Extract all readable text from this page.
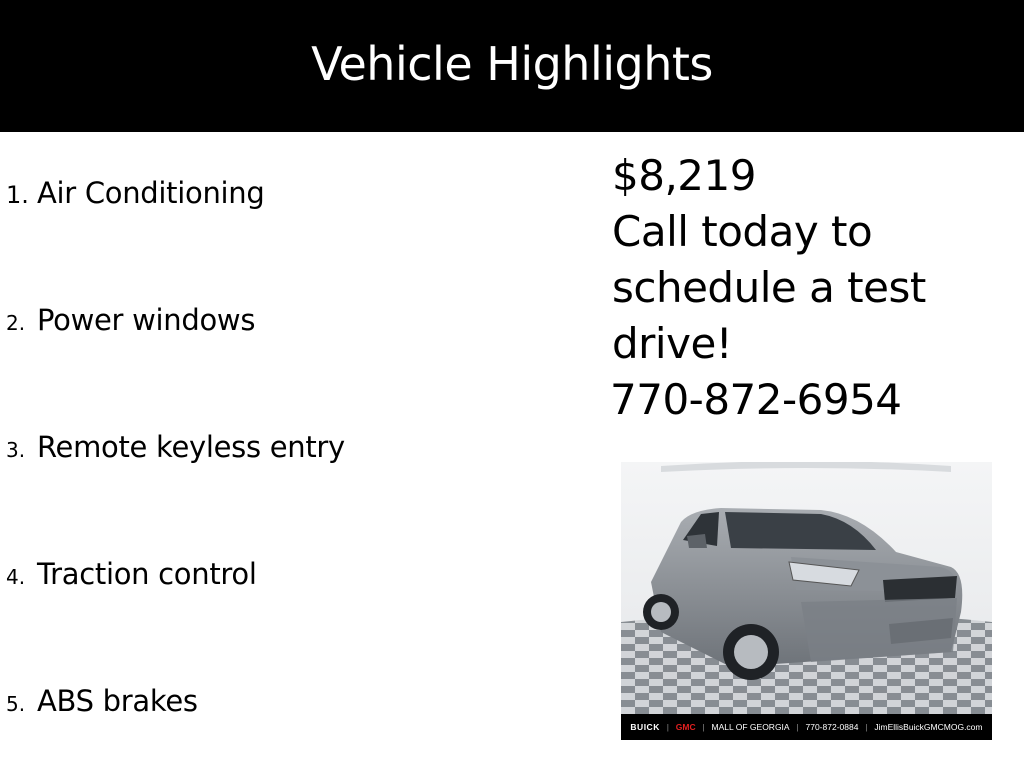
Vehicle Highlights
1. Air Conditioning
2. Power windows
3. Remote keyless entry
4. Traction control
5. ABS brakes
$8,219
Call today to
schedule a test
drive!
770-872-6954
BUICK | GMC | MALL OF GEORGIA | 770-872-0884 | JimEllisBuickGMCMOG.com
